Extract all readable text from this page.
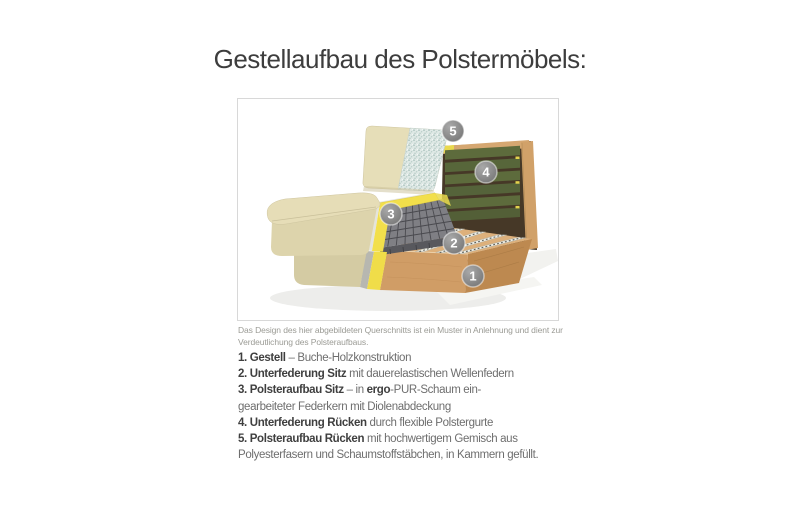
Gestellaufbau des Polstermöbels:
5
4
3
2
1
Das Design des hier abgebildeten Querschnitts ist ein Muster in Anlehnung und dient zur
Verdeutlichung des Polsteraufbaus.

1. Gestell – Buche-Holzkonstruktion

2. Unterfederung Sitz mit dauerelastischen Wellenfedern

3. Polsteraufbau Sitz – in ergo-PUR-Schaum ein-
gearbeiteter Federkern mit Diolenabdeckung

4. Unterfederung Rücken durch flexible Polstergurte

5. Polsteraufbau Rücken mit hochwertigem Gemisch aus
Polyesterfasern und Schaumstoffstäbchen, in Kammern gefüllt.
